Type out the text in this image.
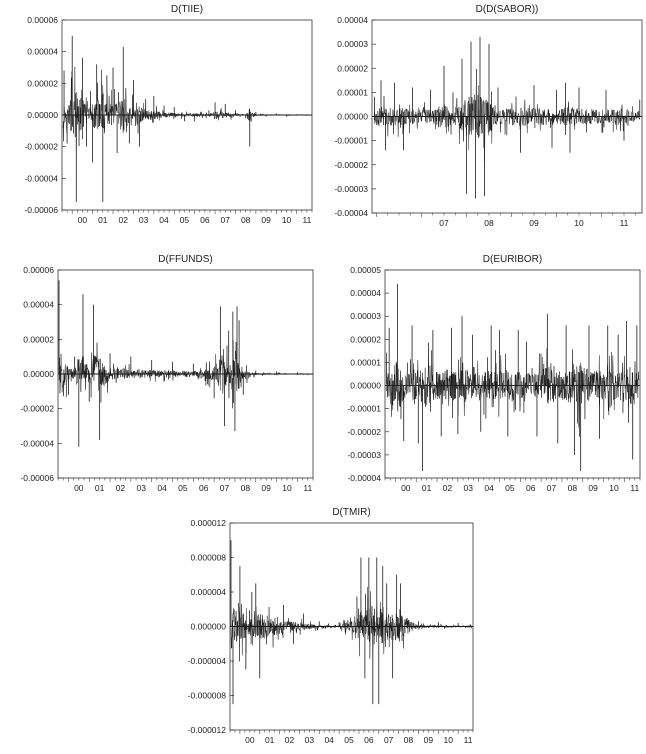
D(TIIE)
0.00006
0.00004
0.00002
0.00000
-0.00002
-0.00004
-0.00006
00 01 02 03 04 05 06 07 08 09 10 11
D(D(SABOR))
0.00004
0.00003
0.00002
0.00001
0.00000
-0.00001
-0.00002
-0.00003
-0.00004
07	08	09	10	11
D(FFUNDS)
0.00006
0.00004
0.00002
0.00000
-0.00002
-0.00004
-0.00006
00 01 02 03 04 05 06 07 08 09 10 11
D(EURIBOR)
0.00005
0.00004
0.00003
0.00002
0.00001
0.00000
-0.00001
-0.00002
-0.00003
-0.00004
00 01 02 03 04 05 06 07 08 09 10 11
D(TMIR)
0.000012
0.000008
0.000004
0.000000
-0.000004
-0.000008
-0.000012
00 01 02 03 04 05 06 07 08 09 10 11
